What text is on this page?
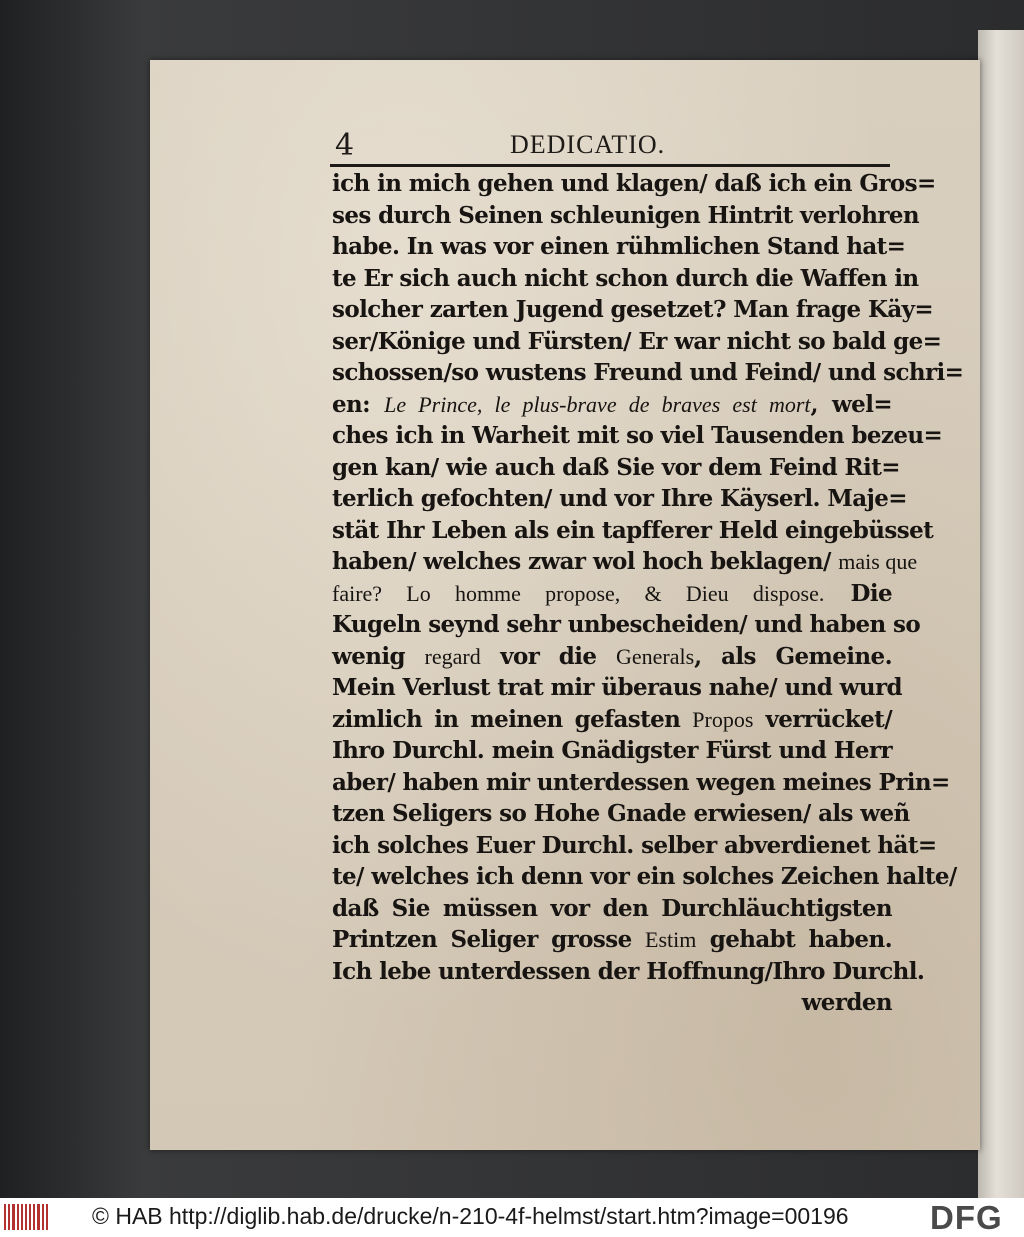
4	DEDICATIO.
ich in mich gehen und klagen/ daß ich ein Gros=
ses durch Seinen schleunigen Hintrit verlohren
habe. In was vor einen rühmlichen Stand hat=
te Er sich auch nicht schon durch die Waffen in
solcher zarten Jugend gesetzet? Man frage Käy=
ser/Könige und Fürsten/ Er war nicht so bald ge=
schossen/so wustens Freund und Feind/ und schri=
en: Le Prince, le plus-brave de braves est mort, wel=
ches ich in Warheit mit so viel Tausenden bezeu=
gen kan/ wie auch daß Sie vor dem Feind Rit=
terlich gefochten/ und vor Ihre Käyserl. Maje=
stät Ihr Leben als ein tapfferer Held eingebüsset
haben/ welches zwar wol hoch beklagen/ mais que
faire? Lo homme propose, & Dieu dispose. Die
Kugeln seynd sehr unbescheiden/ und haben so
wenig regard vor die Generals, als Gemeine.
Mein Verlust trat mir überaus nahe/ und wurd
zimlich in meinen gefasten Propos verrücket/
Ihro Durchl. mein Gnädigster Fürst und Herr
aber/ haben mir unterdessen wegen meines Prin=
tzen Seligers so Hohe Gnade erwiesen/ als weñ
ich solches Euer Durchl. selber abverdienet hät=
te/ welches ich denn vor ein solches Zeichen halte/
daß Sie müssen vor den Durchläuchtigsten
Printzen Seliger grosse Estim gehabt haben.
Ich lebe unterdessen der Hoffnung/Ihro Durchl.
werden
© HAB http://diglib.hab.de/drucke/n-210-4f-helmst/start.htm?image=00196 DFG
